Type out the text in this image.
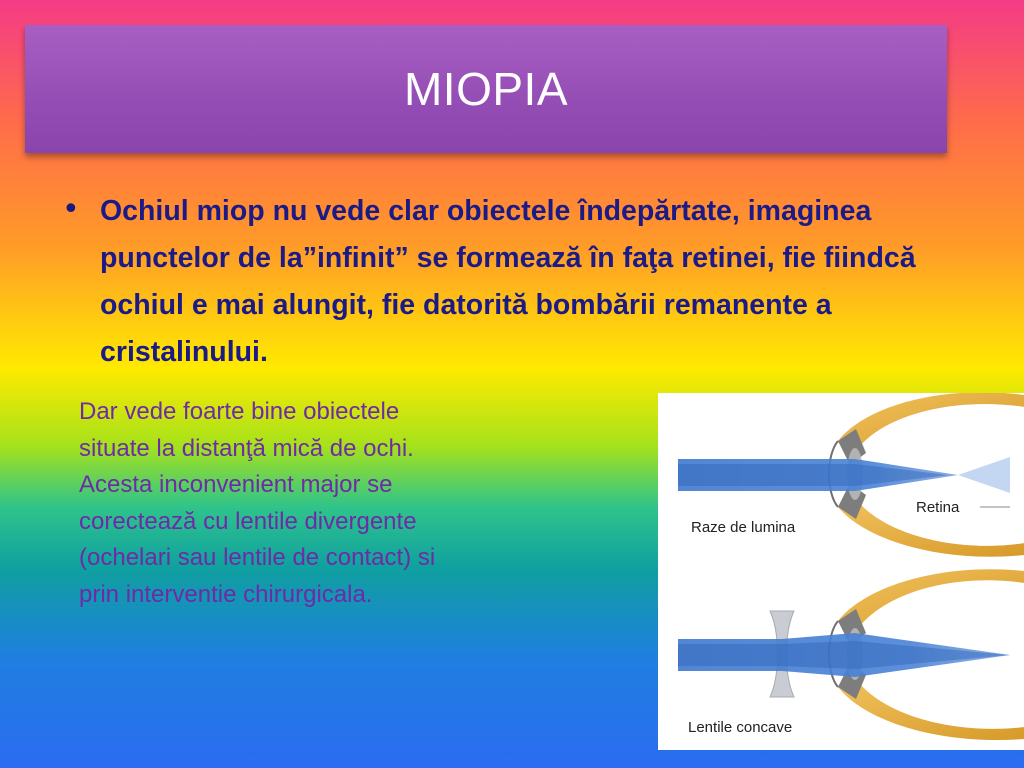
MIOPIA
• Ochiul miop nu vede clar obiectele îndepărtate, imaginea punctelor de la”infinit” se formează în faţa retinei, fie fiindcă ochiul e mai alungit, fie datorită bombării remanente a cristalinului.
Dar vede foarte bine obiectele
situate la distanţă mică de ochi.
Acesta inconvenient major se
corectează cu lentile divergente
(ochelari sau lentile de contact) si
prin interventie chirurgicala.
Retina
Raze de lumina
Lentile concave
